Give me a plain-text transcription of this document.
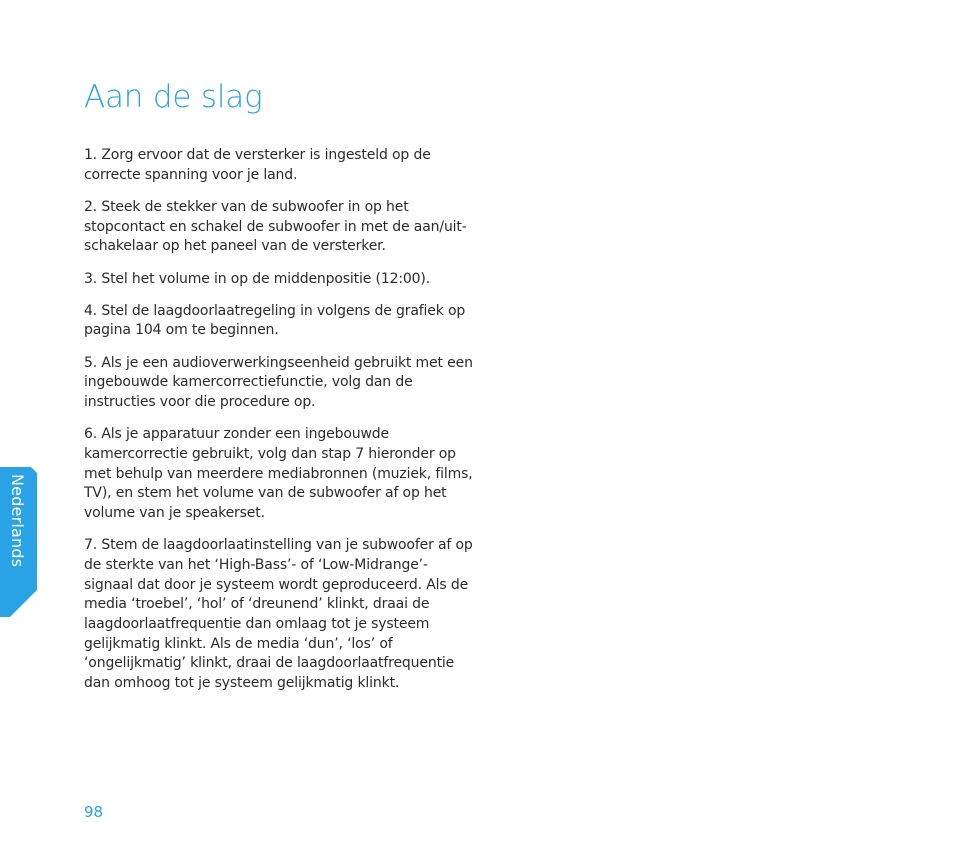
Aan de slag

1. Zorg ervoor dat de versterker is ingesteld op de correcte spanning voor je land.

2. Steek de stekker van de subwoofer in op het stopcontact en schakel de subwoofer in met de aan/uit-schakelaar op het paneel van de versterker.

3. Stel het volume in op de middenpositie (12:00).

4. Stel de laagdoorlaatregeling in volgens de grafiek op pagina 104 om te beginnen.

5. Als je een audioverwerkingseenheid gebruikt met een ingebouwde kamercorrectiefunctie, volg dan de instructies voor die procedure op.

6. Als je apparatuur zonder een ingebouwde kamercorrectie gebruikt, volg dan stap 7 hieronder op met behulp van meerdere mediabronnen (muziek, films, TV), en stem het volume van de subwoofer af op het volume van je speakerset.

7. Stem de laagdoorlaatinstelling van je subwoofer af op de sterkte van het ‘High-Bass’- of ‘Low-Midrange’-signaal dat door je systeem wordt geproduceerd. Als de media ‘troebel’, ‘hol’ of ‘dreunend’ klinkt, draai de laagdoorlaatfrequentie dan omlaag tot je systeem gelijkmatig klinkt. Als de media ‘dun’, ‘los’ of ‘ongelijkmatig’ klinkt, draai de laagdoorlaatfrequentie dan omhoog tot je systeem gelijkmatig klinkt.

Nederlands
98
